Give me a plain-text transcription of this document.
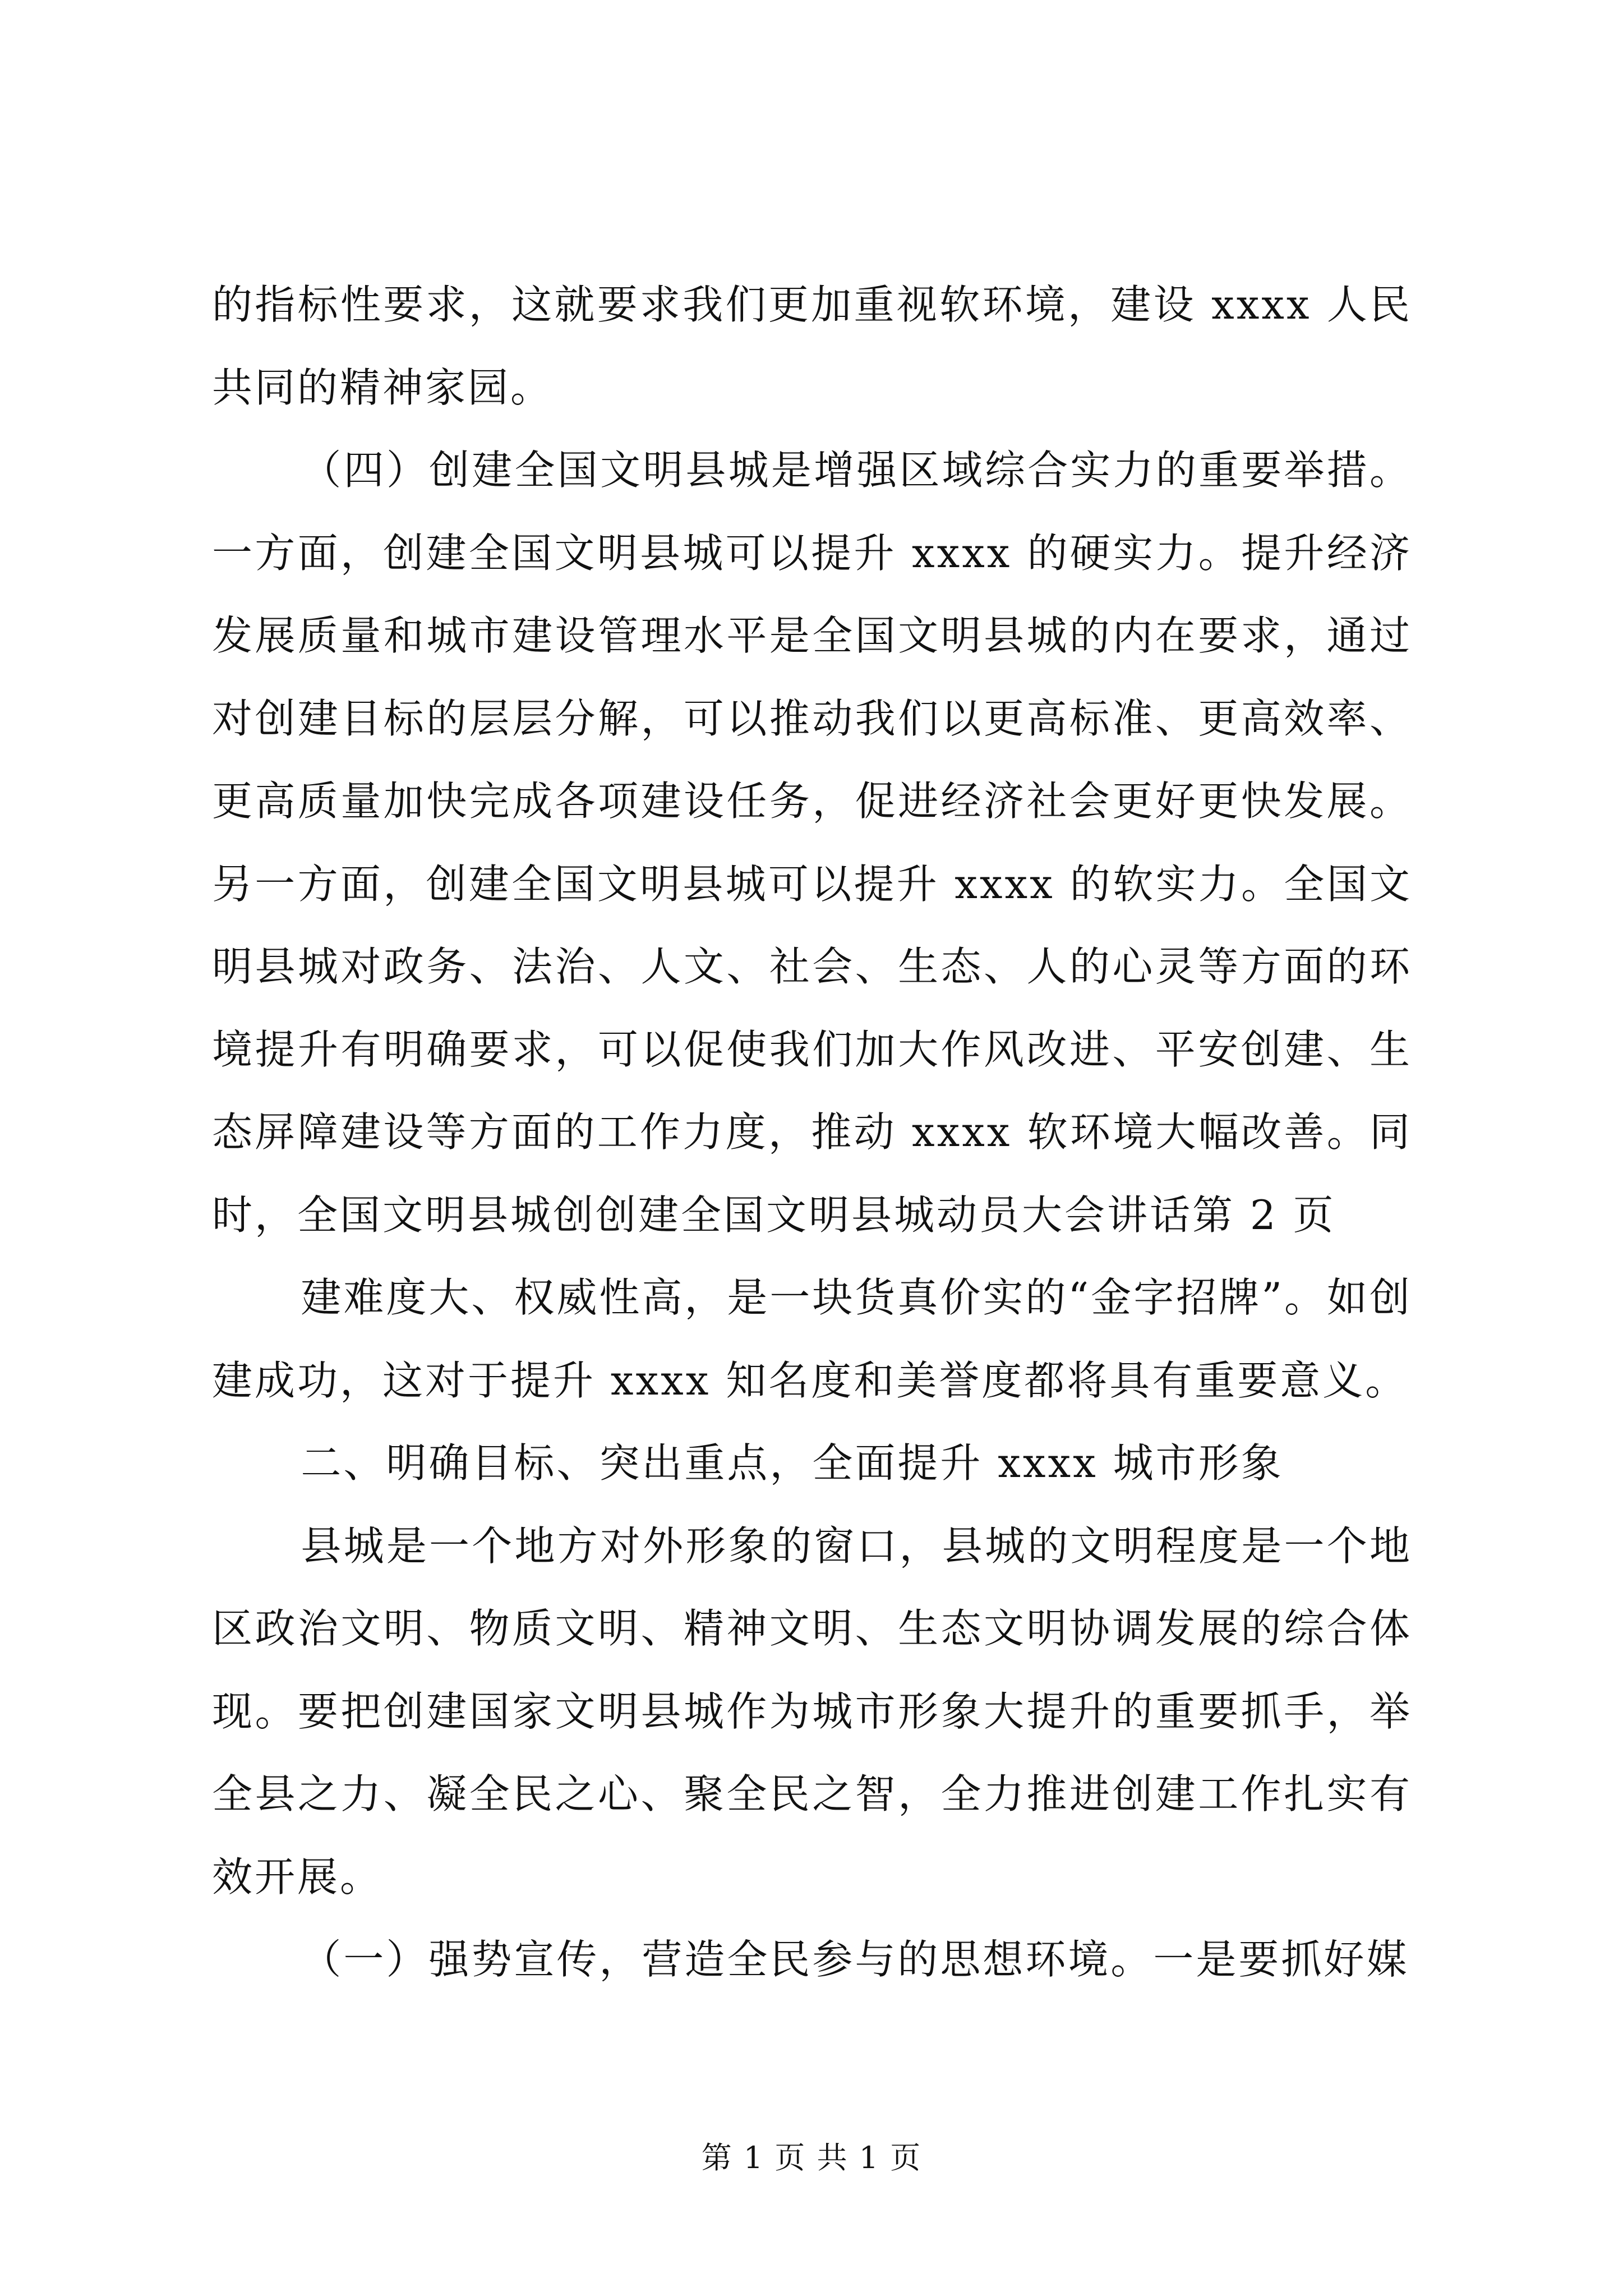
的指标性要求，这就要求我们更加重视软环境，建设 xxxx 人民共同的精神家园。

（四）创建全国文明县城是增强区域综合实力的重要举措。一方面，创建全国文明县城可以提升 xxxx 的硬实力。提升经济发展质量和城市建设管理水平是全国文明县城的内在要求，通过对创建目标的层层分解，可以推动我们以更高标准、更高效率、更高质量加快完成各项建设任务，促进经济社会更好更快发展。另一方面，创建全国文明县城可以提升 xxxx 的软实力。全国文明县城对政务、法治、人文、社会、生态、人的心灵等方面的环境提升有明确要求，可以促使我们加大作风改进、平安创建、生态屏障建设等方面的工作力度，推动 xxxx 软环境大幅改善。同时，全国文明县城创创建全国文明县城动员大会讲话第 2 页

建难度大、权威性高，是一块货真价实的“金字招牌”。如创建成功，这对于提升 xxxx 知名度和美誉度都将具有重要意义。

二、明确目标、突出重点，全面提升 xxxx 城市形象

县城是一个地方对外形象的窗口，县城的文明程度是一个地区政治文明、物质文明、精神文明、生态文明协调发展的综合体现。要把创建国家文明县城作为城市形象大提升的重要抓手，举全县之力、凝全民之心、聚全民之智，全力推进创建工作扎实有效开展。

（一）强势宣传，营造全民参与的思想环境。一是要抓好媒

第 1 页 共 1 页
